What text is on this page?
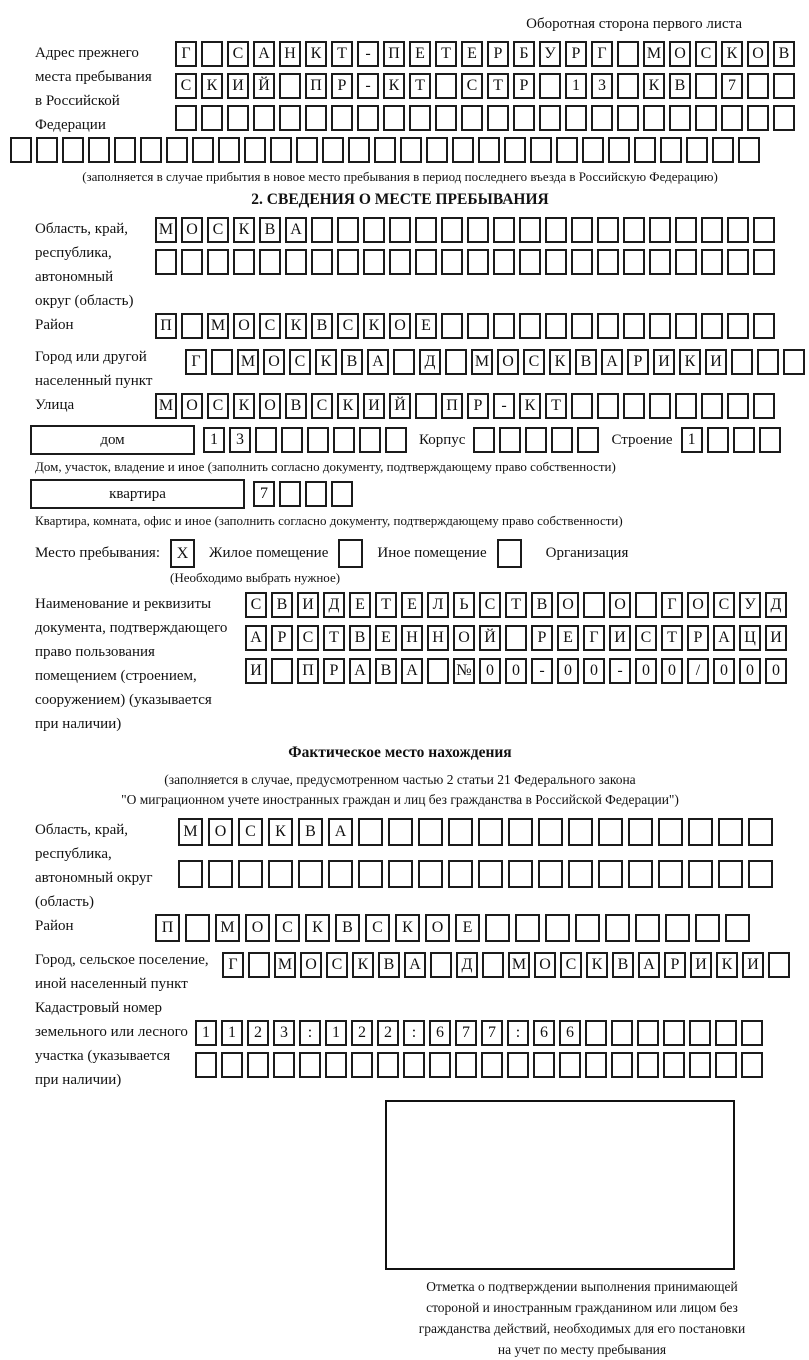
Оборотная сторона первого листа
Адрес прежнего
места пребывания
в Российской
Федерации
Г	С А Н К Т - П Е Т Е Р Б У Р Г	М О С К О В
С К И Й	П Р - К Т	С Т Р	1 3	К В	7
(заполняется в случае прибытия в новое место пребывания в период последнего въезда в Российскую Федерацию)
2. СВЕДЕНИЯ О МЕСТЕ ПРЕБЫВАНИЯ
Область, край,
республика,
автономный
округ (область)
М О С К В А
Район	П М О С К В С К О Е
Город или другой
населенный пункт
Г	М О С К В А	Д М О С К В А Р И К И
Улица	М О С К О В С К И Й	П Р - К Т
дом	1 3	Корпус	Строение 1
Дом, участок, владение и иное (заполнить согласно документу, подтверждающему право собственности)
квартира	7
Квартира, комната, офис и иное (заполнить согласно документу, подтверждающему право собственности)
Место пребывания:	X	Жилое помещение	Иное помещение	Организация
(Необходимо выбрать нужное)
Наименование и реквизиты
документа, подтверждающего
право пользования
помещением (строением,
сооружением) (указывается
при наличии)
С В И Д Е Т Е Л Ь С Т В О	О	Г О С У Д
А Р С Т В Е Н Н О Й	Р Е Г И С Т Р А Ц И
И	П Р А В А № 0 0 - 0 0 - 0 0 / 0 0 0
Фактическое место нахождения
(заполняется в случае, предусмотренном частью 2 статьи 21 Федерального закона
"О миграционном учете иностранных граждан и лиц без гражданства в Российской Федерации")
Область, край,
республика,
автономный округ
(область)
М О С К В А
Район	П	М О С К В С К О Е
Город, сельское поселение,
иной населенный пункт
Г	М О С К В А	Д М О С К В А Р И К И
Кадастровый номер
земельного или лесного
участка (указывается
при наличии)
1 1 2 3 : 1 2 2 : 6 7 7 : 6 6
Отметка о подтверждении выполнения принимающей
стороной и иностранным гражданином или лицом без
гражданства действий, необходимых для его постановки
на учет по месту пребывания
